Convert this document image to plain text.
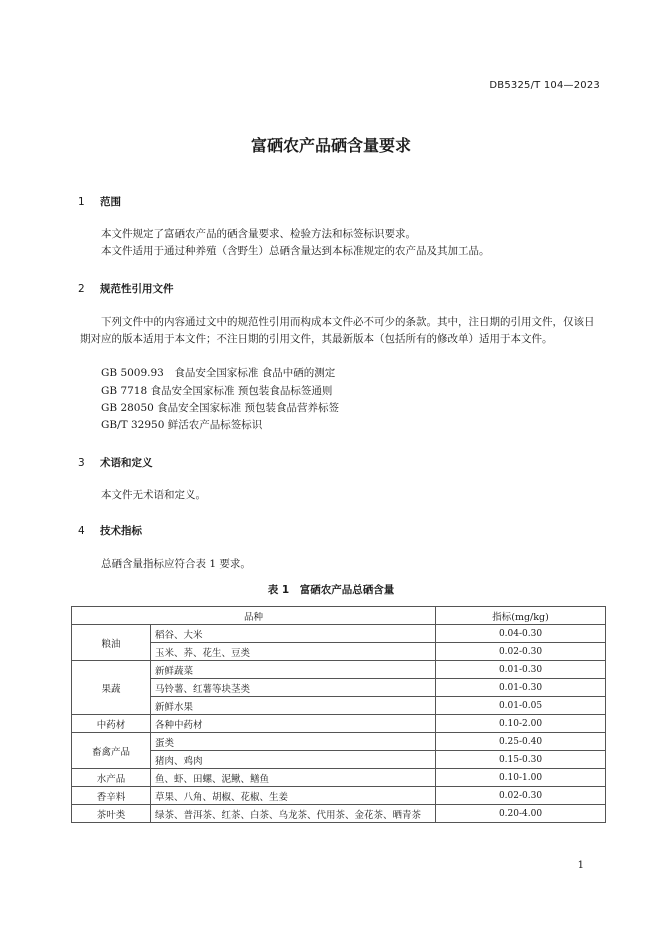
DB5325/T 104—2023
富硒农产品硒含量要求
1 范围

本文件规定了富硒农产品的硒含量要求、检验方法和标签标识要求。

本文件适用于通过种养殖（含野生）总硒含量达到本标准规定的农产品及其加工品。

2 规范性引用文件

下列文件中的内容通过文中的规范性引用而构成本文件必不可少的条款。其中，注日期的引用文件，仅该日期对应的版本适用于本文件；不注日期的引用文件，其最新版本（包括所有的修改单）适用于本文件。

GB 5009.93　食品安全国家标准 食品中硒的测定
GB 7718 食品安全国家标准 预包装食品标签通则
GB 28050 食品安全国家标准 预包装食品营养标签
GB/T 32950 鲜活农产品标签标识
3 术语和定义

本文件无术语和定义。

4 技术指标

总硒含量指标应符合表 1 要求。

表 1　富硒农产品总硒含量
品种		指标(mg/kg)
粮油	稻谷、大米	0.04-0.30
	玉米、荞、花生、豆类	0.02-0.30
果蔬	新鲜蔬菜	0.01-0.30
	马铃薯、红薯等块茎类	0.01-0.30
	新鲜水果	0.01-0.05
中药材	各种中药材	0.10-2.00
畜禽产品	蛋类	0.25-0.40
	猪肉、鸡肉	0.15-0.30
水产品	鱼、虾、田螺、泥鳅、鳝鱼	0.10-1.00
香辛料	草果、八角、胡椒、花椒、生姜	0.02-0.30
茶叶类	绿茶、普洱茶、红茶、白茶、乌龙茶、代用茶、金花茶、晒青茶	0.20-4.00
1
